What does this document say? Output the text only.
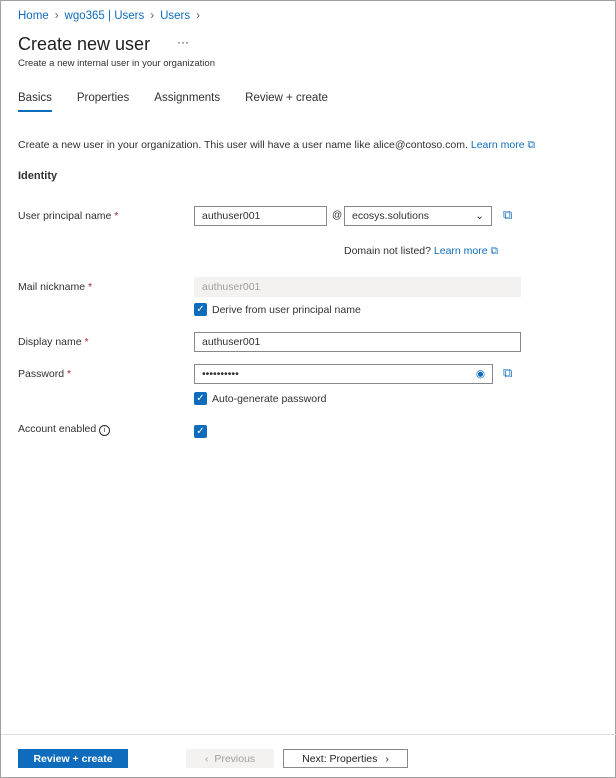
Home › wgo365 | Users › Users ›
Create new user ···
Create a new internal user in your organization
Basics Properties Assignments Review + create
Create a new user in your organization. This user will have a user name like alice@contoso.com. Learn more ⧉
Identity
User principal name *	authuser001	@ ecosys.solutions	⌄ ⧉
Domain not listed? Learn more ⧉
Mail nickname *	authuser001
✓ Derive from user principal name
Display name *	authuser001
Password *	••••••••••	◉ ⧉
✓ Auto-generate password
Account enabled i	✓
Review + create	‹ Previous	Next: Properties ›
